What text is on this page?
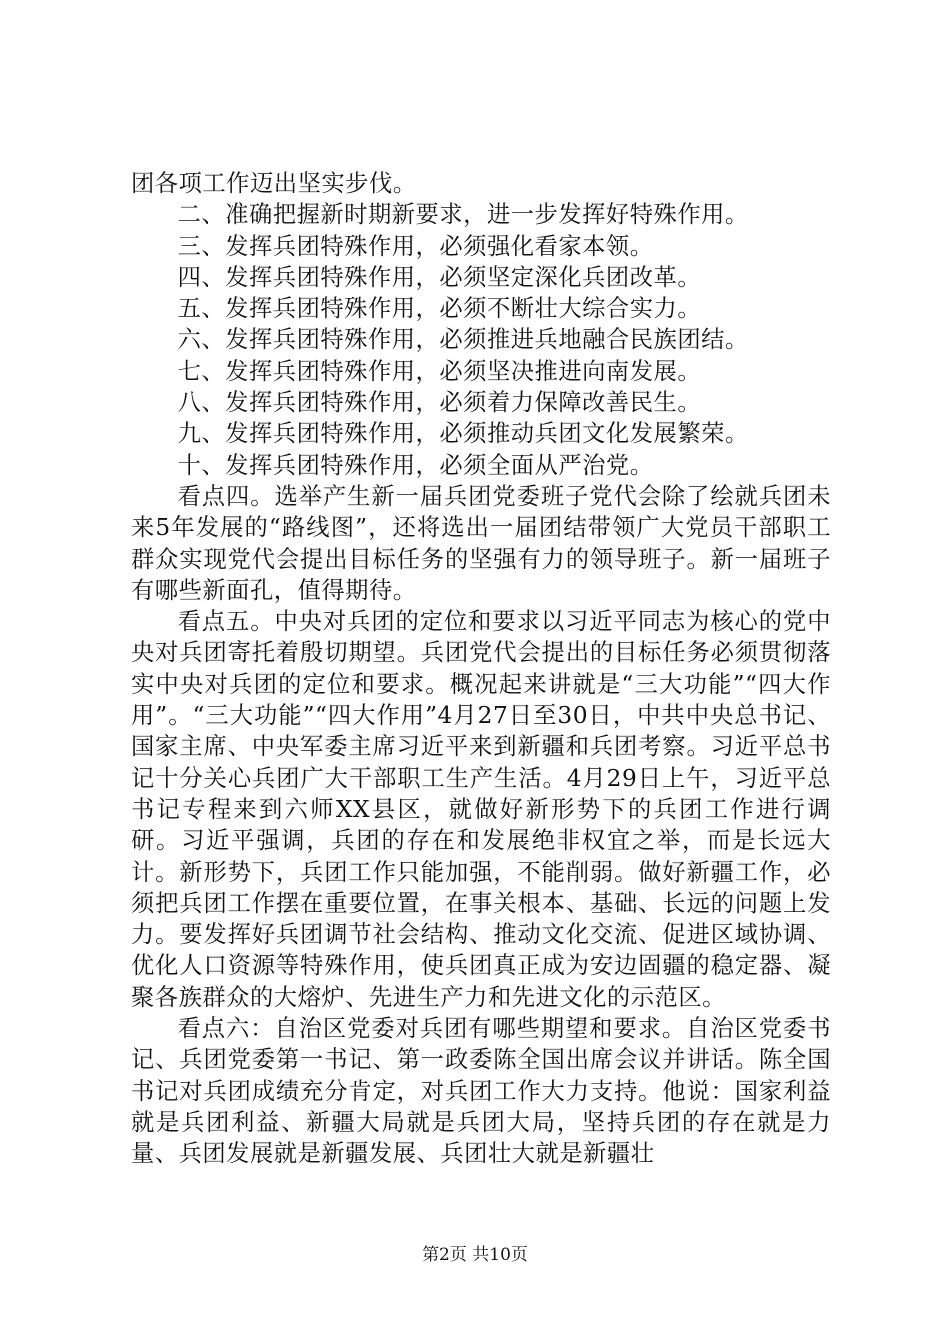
团各项工作迈出坚实步伐。

二、准确把握新时期新要求，进一步发挥好特殊作用。

三、发挥兵团特殊作用，必须强化看家本领。

四、发挥兵团特殊作用，必须坚定深化兵团改革。

五、发挥兵团特殊作用，必须不断壮大综合实力。

六、发挥兵团特殊作用，必须推进兵地融合民族团结。

七、发挥兵团特殊作用，必须坚决推进向南发展。

八、发挥兵团特殊作用，必须着力保障改善民生。

九、发挥兵团特殊作用，必须推动兵团文化发展繁荣。

十、发挥兵团特殊作用，必须全面从严治党。

看点四。选举产生新一届兵团党委班子党代会除了绘就兵团未来5年发展的“路线图”，还将选出一届团结带领广大党员干部职工群众实现党代会提出目标任务的坚强有力的领导班子。新一届班子有哪些新面孔，值得期待。

看点五。中央对兵团的定位和要求以习近平同志为核心的党中央对兵团寄托着殷切期望。兵团党代会提出的目标任务必须贯彻落实中央对兵团的定位和要求。概况起来讲就是“三大功能”“四大作用”。“三大功能”“四大作用”4月27日至30日，中共中央总书记、国家主席、中央军委主席习近平来到新疆和兵团考察。习近平总书记十分关心兵团广大干部职工生产生活。4月29日上午，习近平总书记专程来到六师XX县区，就做好新形势下的兵团工作进行调研。习近平强调，兵团的存在和发展绝非权宜之举，而是长远大计。新形势下，兵团工作只能加强，不能削弱。做好新疆工作，必须把兵团工作摆在重要位置，在事关根本、基础、长远的问题上发力。要发挥好兵团调节社会结构、推动文化交流、促进区域协调、优化人口资源等特殊作用，使兵团真正成为安边固疆的稳定器、凝聚各族群众的大熔炉、先进生产力和先进文化的示范区。

看点六：自治区党委对兵团有哪些期望和要求。自治区党委书记、兵团党委第一书记、第一政委陈全国出席会议并讲话。陈全国书记对兵团成绩充分肯定，对兵团工作大力支持。他说：国家利益就是兵团利益、新疆大局就是兵团大局，坚持兵团的存在就是力量、兵团发展就是新疆发展、兵团壮大就是新疆壮

第2页 共10页
